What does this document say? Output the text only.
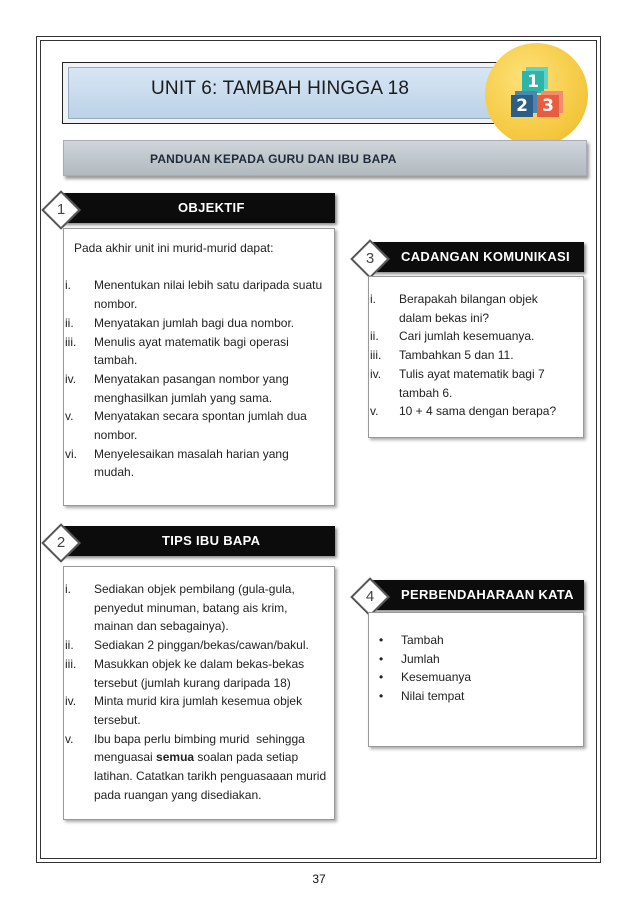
UNIT 6: TAMBAH HINGGA 18	1
2 3
PANDUAN KEPADA GURU DAN IBU BAPA
OBJEKTIF
1
Pada akhir unit ini murid-murid dapat:
i.	Menentukan nilai lebih satu daripada suatu
nombor.
ii.	Menyatakan jumlah bagi dua nombor.
iii.	Menulis ayat matematik bagi operasi
tambah.
iv.	Menyatakan pasangan nombor yang
menghasilkan jumlah yang sama.
v.	Menyatakan secara spontan jumlah dua
nombor.
vi.	Menyelesaikan masalah harian yang mudah.
CADANGAN KOMUNIKASI
3
i.	Berapakah bilangan objek
dalam bekas ini?
ii.	Cari jumlah kesemuanya.
iii.	Tambahkan 5 dan 11.
iv.	Tulis ayat matematik bagi 7
tambah 6.
v.	10 + 4 sama dengan berapa?
TIPS IBU BAPA
2
i.	Sediakan objek pembilang (gula-gula,
penyedut minuman, batang ais krim,
mainan dan sebagainya).
ii.	Sediakan 2 pinggan/bekas/cawan/bakul.
iii.	Masukkan objek ke dalam bekas-bekas
tersebut (jumlah kurang daripada 18)
iv.	Minta murid kira jumlah kesemua objek
tersebut.
v.	Ibu bapa perlu bimbing murid  sehingga
menguasai semua soalan pada setiap
latihan. Catatkan tarikh penguasaaan murid
pada ruangan yang disediakan.
PERBENDAHARAAN KATA
4
• Tambah
• Jumlah
• Kesemuanya
• Nilai tempat
37
